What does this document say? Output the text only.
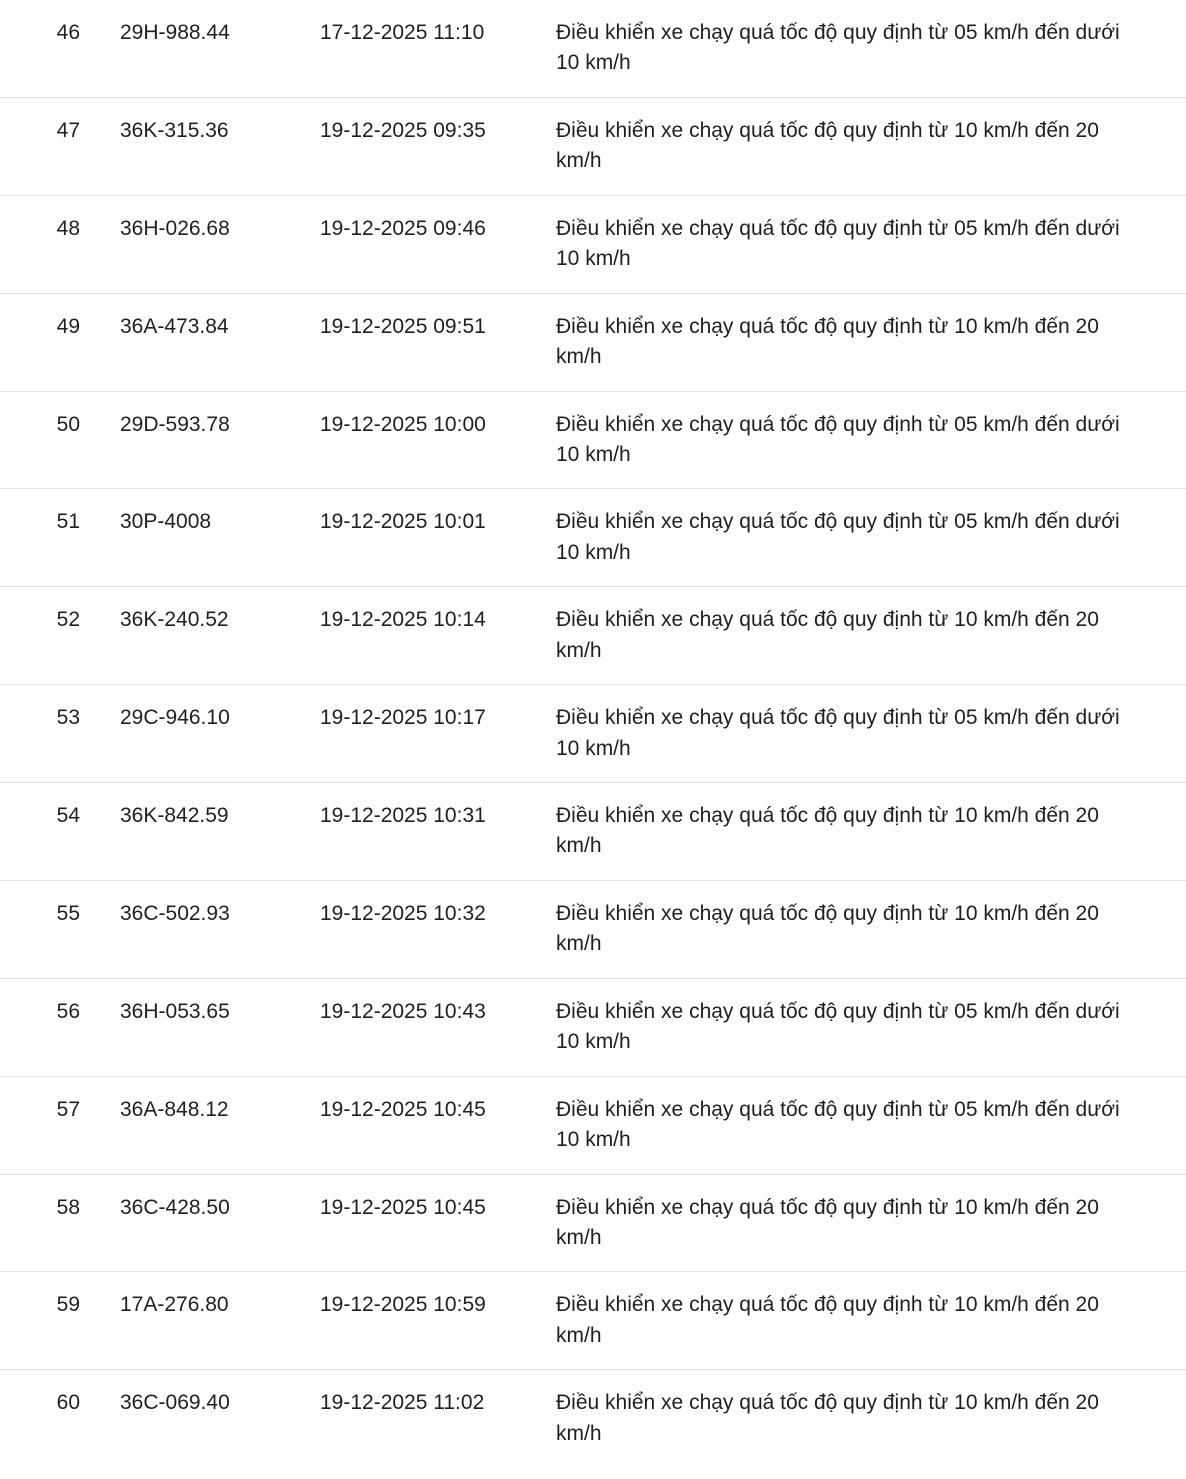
46	29H-988.44	17-12-2025 11:10	Điều khiển xe chạy quá tốc độ quy định từ 05 km/h đến dưới 10 km/h
47	36K-315.36	19-12-2025 09:35	Điều khiển xe chạy quá tốc độ quy định từ 10 km/h đến 20 km/h
48	36H-026.68	19-12-2025 09:46	Điều khiển xe chạy quá tốc độ quy định từ 05 km/h đến dưới 10 km/h
49	36A-473.84	19-12-2025 09:51	Điều khiển xe chạy quá tốc độ quy định từ 10 km/h đến 20 km/h
50	29D-593.78	19-12-2025 10:00	Điều khiển xe chạy quá tốc độ quy định từ 05 km/h đến dưới 10 km/h
51	30P-4008	19-12-2025 10:01	Điều khiển xe chạy quá tốc độ quy định từ 05 km/h đến dưới 10 km/h
52	36K-240.52	19-12-2025 10:14	Điều khiển xe chạy quá tốc độ quy định từ 10 km/h đến 20 km/h
53	29C-946.10	19-12-2025 10:17	Điều khiển xe chạy quá tốc độ quy định từ 05 km/h đến dưới 10 km/h
54	36K-842.59	19-12-2025 10:31	Điều khiển xe chạy quá tốc độ quy định từ 10 km/h đến 20 km/h
55	36C-502.93	19-12-2025 10:32	Điều khiển xe chạy quá tốc độ quy định từ 10 km/h đến 20 km/h
56	36H-053.65	19-12-2025 10:43	Điều khiển xe chạy quá tốc độ quy định từ 05 km/h đến dưới 10 km/h
57	36A-848.12	19-12-2025 10:45	Điều khiển xe chạy quá tốc độ quy định từ 05 km/h đến dưới 10 km/h
58	36C-428.50	19-12-2025 10:45	Điều khiển xe chạy quá tốc độ quy định từ 10 km/h đến 20 km/h
59	17A-276.80	19-12-2025 10:59	Điều khiển xe chạy quá tốc độ quy định từ 10 km/h đến 20 km/h
60	36C-069.40	19-12-2025 11:02	Điều khiển xe chạy quá tốc độ quy định từ 10 km/h đến 20 km/h
